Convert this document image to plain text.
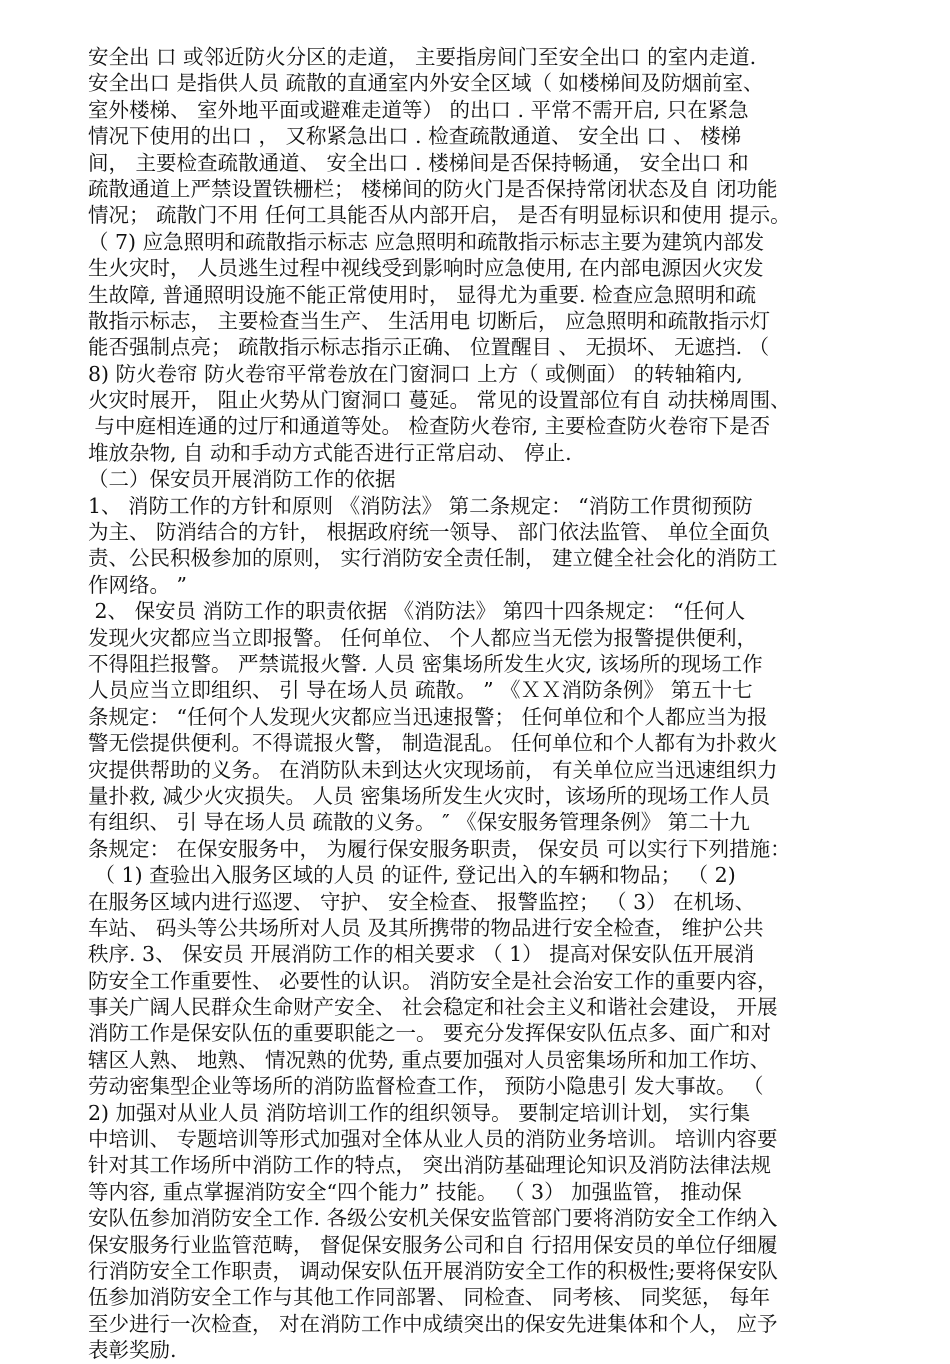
安全出 口 或邻近防火分区的走道， 主要指房间门至安全出口 的室内走道.
安全出口 是指供人员 疏散的直通室内外安全区域（ 如楼梯间及防烟前室、
室外楼梯、 室外地平面或避难走道等） 的出口 . 平常不需开启, 只在紧急
情况下使用的出口 ， 又称紧急出口 . 检查疏散通道、 安全出 口 、 楼梯
间， 主要检查疏散通道、 安全出口 . 楼梯间是否保持畅通， 安全出口 和
疏散通道上严禁设置铁栅栏； 楼梯间的防火门是否保持常闭状态及自 闭功能
情况； 疏散门不用 任何工具能否从内部开启， 是否有明显标识和使用 提示。
（ 7) 应急照明和疏散指示标志 应急照明和疏散指示标志主要为建筑内部发
生火灾时， 人员逃生过程中视线受到影响时应急使用, 在内部电源因火灾发
生故障, 普通照明设施不能正常使用时， 显得尤为重要. 检查应急照明和疏
散指示标志， 主要检查当生产、 生活用电 切断后， 应急照明和疏散指示灯
能否强制点亮； 疏散指示标志指示正确、 位置醒目 、 无损坏、 无遮挡. （
8) 防火卷帘 防火卷帘平常卷放在门窗洞口 上方（ 或侧面） 的转轴箱内,
火灾时展开， 阻止火势从门窗洞口 蔓延。 常见的设置部位有自 动扶梯周围、
与中庭相连通的过厅和通道等处。 检查防火卷帘, 主要检查防火卷帘下是否
堆放杂物, 自 动和手动方式能否进行正常启动、 停止.
（二）保安员开展消防工作的依据
1、 消防工作的方针和原则 《消防法》 第二条规定： “消防工作贯彻预防
为主、 防消结合的方针， 根据政府统一领导、 部门依法监管、 单位全面负
责、公民积极参加的原则， 实行消防安全责任制， 建立健全社会化的消防工
作网络。 ”
2、 保安员 消防工作的职责依据 《消防法》 第四十四条规定： “任何人
发现火灾都应当立即报警。 任何单位、 个人都应当无偿为报警提供便利，
不得阻拦报警。 严禁谎报火警. 人员 密集场所发生火灾, 该场所的现场工作
人员应当立即组织、 引 导在场人员 疏散。 ” 《ＸＸ消防条例》 第五十七
条规定： “任何个人发现火灾都应当迅速报警； 任何单位和个人都应当为报
警无偿提供便利。不得谎报火警， 制造混乱。 任何单位和个人都有为扑救火
灾提供帮助的义务。 在消防队未到达火灾现场前， 有关单位应当迅速组织力
量扑救, 减少火灾损失。 人员 密集场所发生火灾时，该场所的现场工作人员
有组织、 引 导在场人员 疏散的义务。 ″ 《保安服务管理条例》 第二十九
条规定： 在保安服务中， 为履行保安服务职责， 保安员 可以实行下列措施：
（ 1) 查验出入服务区域的人员 的证件, 登记出入的车辆和物品； （ 2)
在服务区域内进行巡逻、 守护、 安全检查、 报警监控； （ 3） 在机场、
车站、 码头等公共场所对人员 及其所携带的物品进行安全检查， 维护公共
秩序. 3、 保安员 开展消防工作的相关要求 （ 1） 提高对保安队伍开展消
防安全工作重要性、 必要性的认识。 消防安全是社会治安工作的重要内容，
事关广阔人民群众生命财产安全、 社会稳定和社会主义和谐社会建设， 开展
消防工作是保安队伍的重要职能之一。 要充分发挥保安队伍点多、面广和对
辖区人熟、 地熟、 情况熟的优势, 重点要加强对人员密集场所和加工作坊、
劳动密集型企业等场所的消防监督检查工作， 预防小隐患引 发大事故。 （
2) 加强对从业人员 消防培训工作的组织领导。 要制定培训计划， 实行集
中培训、 专题培训等形式加强对全体从业人员的消防业务培训。 培训内容要
针对其工作场所中消防工作的特点， 突出消防基础理论知识及消防法律法规
等内容, 重点掌握消防安全“四个能力” 技能。 （ 3） 加强监管， 推动保
安队伍参加消防安全工作. 各级公安机关保安监管部门要将消防安全工作纳入
保安服务行业监管范畴， 督促保安服务公司和自 行招用保安员的单位仔细履
行消防安全工作职责， 调动保安队伍开展消防安全工作的积极性;要将保安队
伍参加消防安全工作与其他工作同部署、 同检查、 同考核、 同奖惩， 每年
至少进行一次检查， 对在消防工作中成绩突出的保安先进集体和个人， 应予
表彰奖励.
